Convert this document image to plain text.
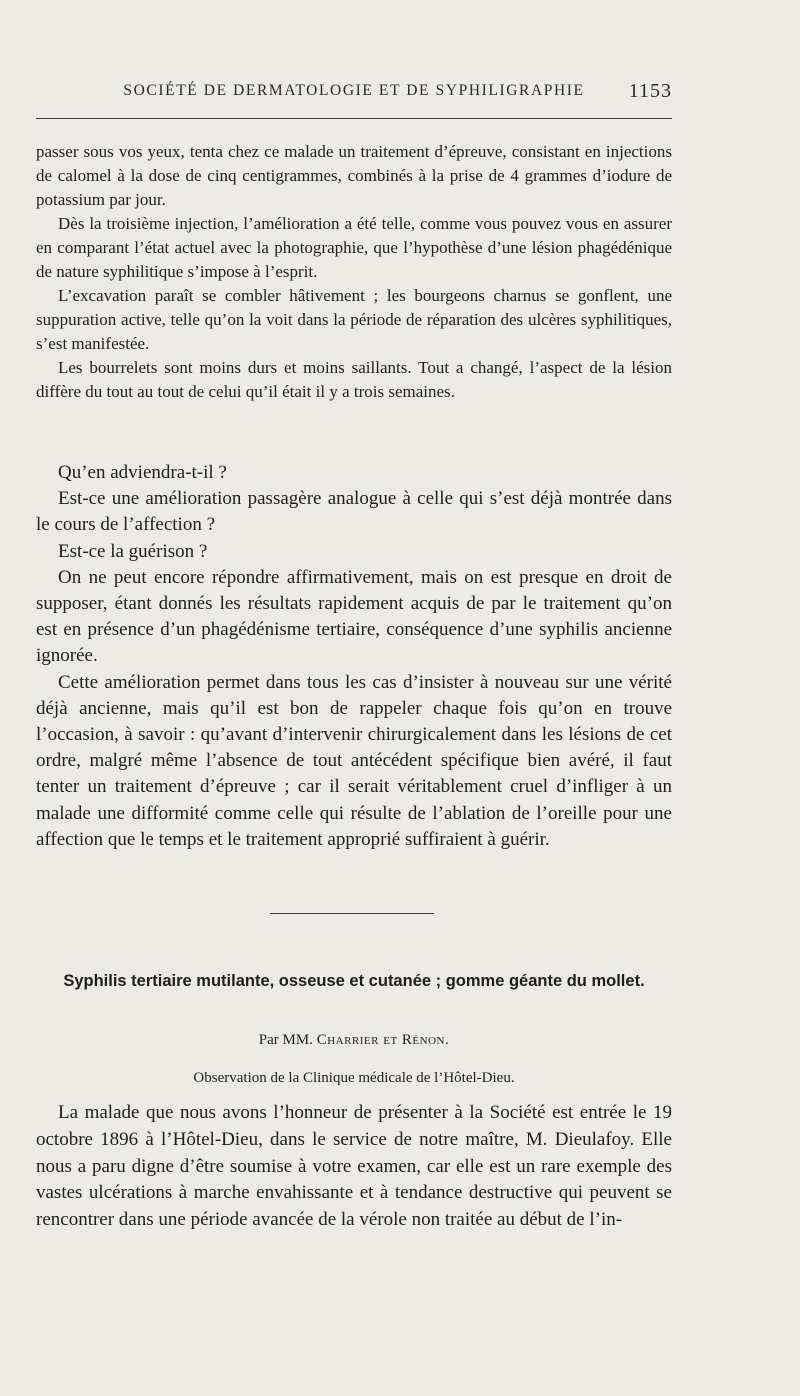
SOCIÉTÉ DE DERMATOLOGIE ET DE SYPHILIGRAPHIE	1153

passer sous vos yeux, tenta chez ce malade un traitement d’épreuve, consistant en injections de calomel à la dose de cinq centigrammes, combinés à la prise de 4 grammes d’iodure de potassium par jour.

Dès la troisième injection, l’amélioration a été telle, comme vous pouvez vous en assurer en comparant l’état actuel avec la photographie, que l’hypothèse d’une lésion phagédénique de nature syphilitique s’impose à l’esprit.

L’excavation paraît se combler hâtivement ; les bourgeons charnus se gonflent, une suppuration active, telle qu’on la voit dans la période de réparation des ulcères syphilitiques, s’est manifestée.

Les bourrelets sont moins durs et moins saillants. Tout a changé, l’aspect de la lésion diffère du tout au tout de celui qu’il était il y a trois semaines.

Qu’en adviendra-t-il ?

Est-ce une amélioration passagère analogue à celle qui s’est déjà montrée dans le cours de l’affection ?

Est-ce la guérison ?

On ne peut encore répondre affirmativement, mais on est presque en droit de supposer, étant donnés les résultats rapidement acquis de par le traitement qu’on est en présence d’un phagédénisme tertiaire, conséquence d’une syphilis ancienne ignorée.

Cette amélioration permet dans tous les cas d’insister à nouveau sur une vérité déjà ancienne, mais qu’il est bon de rappeler chaque fois qu’on en trouve l’occasion, à savoir : qu’avant d’intervenir chirurgicalement dans les lésions de cet ordre, malgré même l’absence de tout antécédent spécifique bien avéré, il faut tenter un traitement d’épreuve ; car il serait véritablement cruel d’infliger à un malade une difformité comme celle qui résulte de l’ablation de l’oreille pour une affection que le temps et le traitement approprié suffiraient à guérir.

Syphilis tertiaire mutilante, osseuse et cutanée ; gomme géante du mollet.
Par MM. Charrier et Rénon.
Observation de la Clinique médicale de l’Hôtel-Dieu.

La malade que nous avons l’honneur de présenter à la Société est entrée le 19 octobre 1896 à l’Hôtel-Dieu, dans le service de notre maître, M. Dieulafoy. Elle nous a paru digne d’être soumise à votre examen, car elle est un rare exemple des vastes ulcérations à marche envahissante et à tendance destructive qui peuvent se rencontrer dans une période avancée de la vérole non traitée au début de l’in-
